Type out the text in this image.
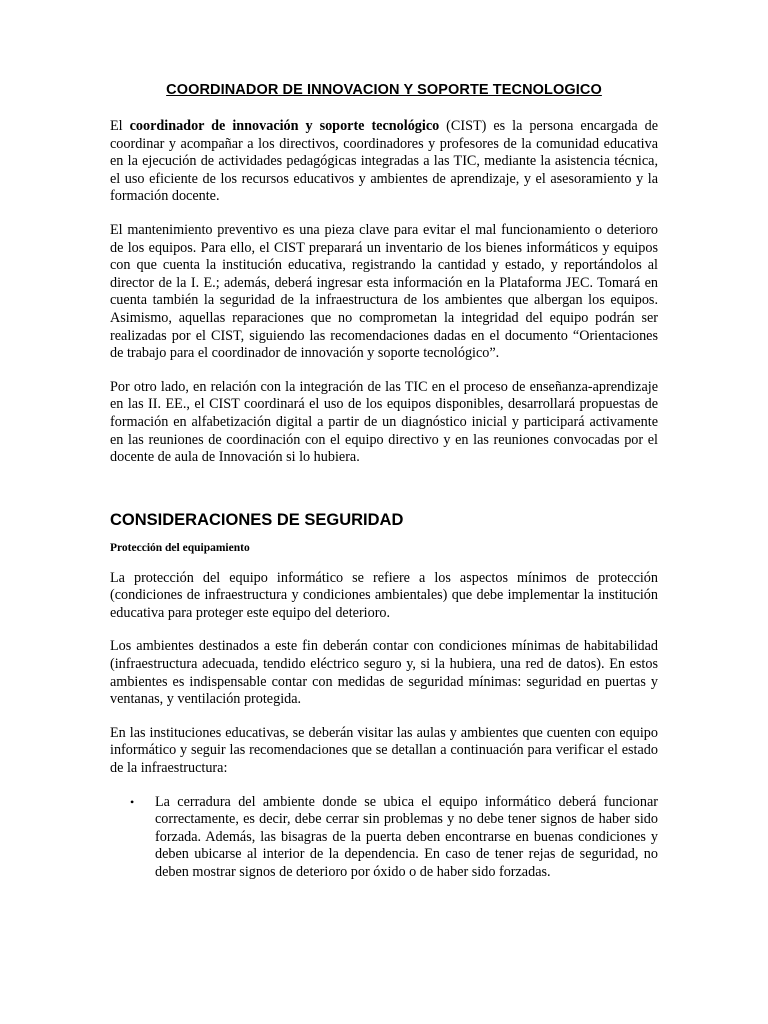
COORDINADOR DE INNOVACION Y SOPORTE TECNOLOGICO

El coordinador de innovación y soporte tecnológico (CIST) es la persona encargada de coordinar y acompañar a los directivos, coordinadores y profesores de la comunidad educativa en la ejecución de actividades pedagógicas integradas a las TIC, mediante la asistencia técnica, el uso eficiente de los recursos educativos y ambientes de aprendizaje, y el asesoramiento y la formación docente.

El mantenimiento preventivo es una pieza clave para evitar el mal funcionamiento o deterioro de los equipos. Para ello, el CIST preparará un inventario de los bienes informáticos y equipos con que cuenta la institución educativa, registrando la cantidad y estado, y reportándolos al director de la I. E.; además, deberá ingresar esta información en la Plataforma JEC. Tomará en cuenta también la seguridad de la infraestructura de los ambientes que albergan los equipos. Asimismo, aquellas reparaciones que no comprometan la integridad del equipo podrán ser realizadas por el CIST, siguiendo las recomendaciones dadas en el documento “Orientaciones de trabajo para el coordinador de innovación y soporte tecnológico”.

Por otro lado, en relación con la integración de las TIC en el proceso de enseñanza-aprendizaje en las II. EE., el CIST coordinará el uso de los equipos disponibles, desarrollará propuestas de formación en alfabetización digital a partir de un diagnóstico inicial y participará activamente en las reuniones de coordinación con el equipo directivo y en las reuniones convocadas por el docente de aula de Innovación si lo hubiera.

CONSIDERACIONES DE SEGURIDAD
Protección del equipamiento

La protección del equipo informático se refiere a los aspectos mínimos de protección (condiciones de infraestructura y condiciones ambientales) que debe implementar la institución educativa para proteger este equipo del deterioro.

Los ambientes destinados a este fin deberán contar con condiciones mínimas de habitabilidad (infraestructura adecuada, tendido eléctrico seguro y, si la hubiera, una red de datos). En estos ambientes es indispensable contar con medidas de seguridad mínimas: seguridad en puertas y ventanas, y ventilación protegida.

En las instituciones educativas, se deberán visitar las aulas y ambientes que cuenten con equipo informático y seguir las recomendaciones que se detallan a continuación para verificar el estado de la infraestructura:

• La cerradura del ambiente donde se ubica el equipo informático deberá funcionar correctamente, es decir, debe cerrar sin problemas y no debe tener signos de haber sido forzada. Además, las bisagras de la puerta deben encontrarse en buenas condiciones y deben ubicarse al interior de la dependencia. En caso de tener rejas de seguridad, no deben mostrar signos de deterioro por óxido o de haber sido forzadas.
